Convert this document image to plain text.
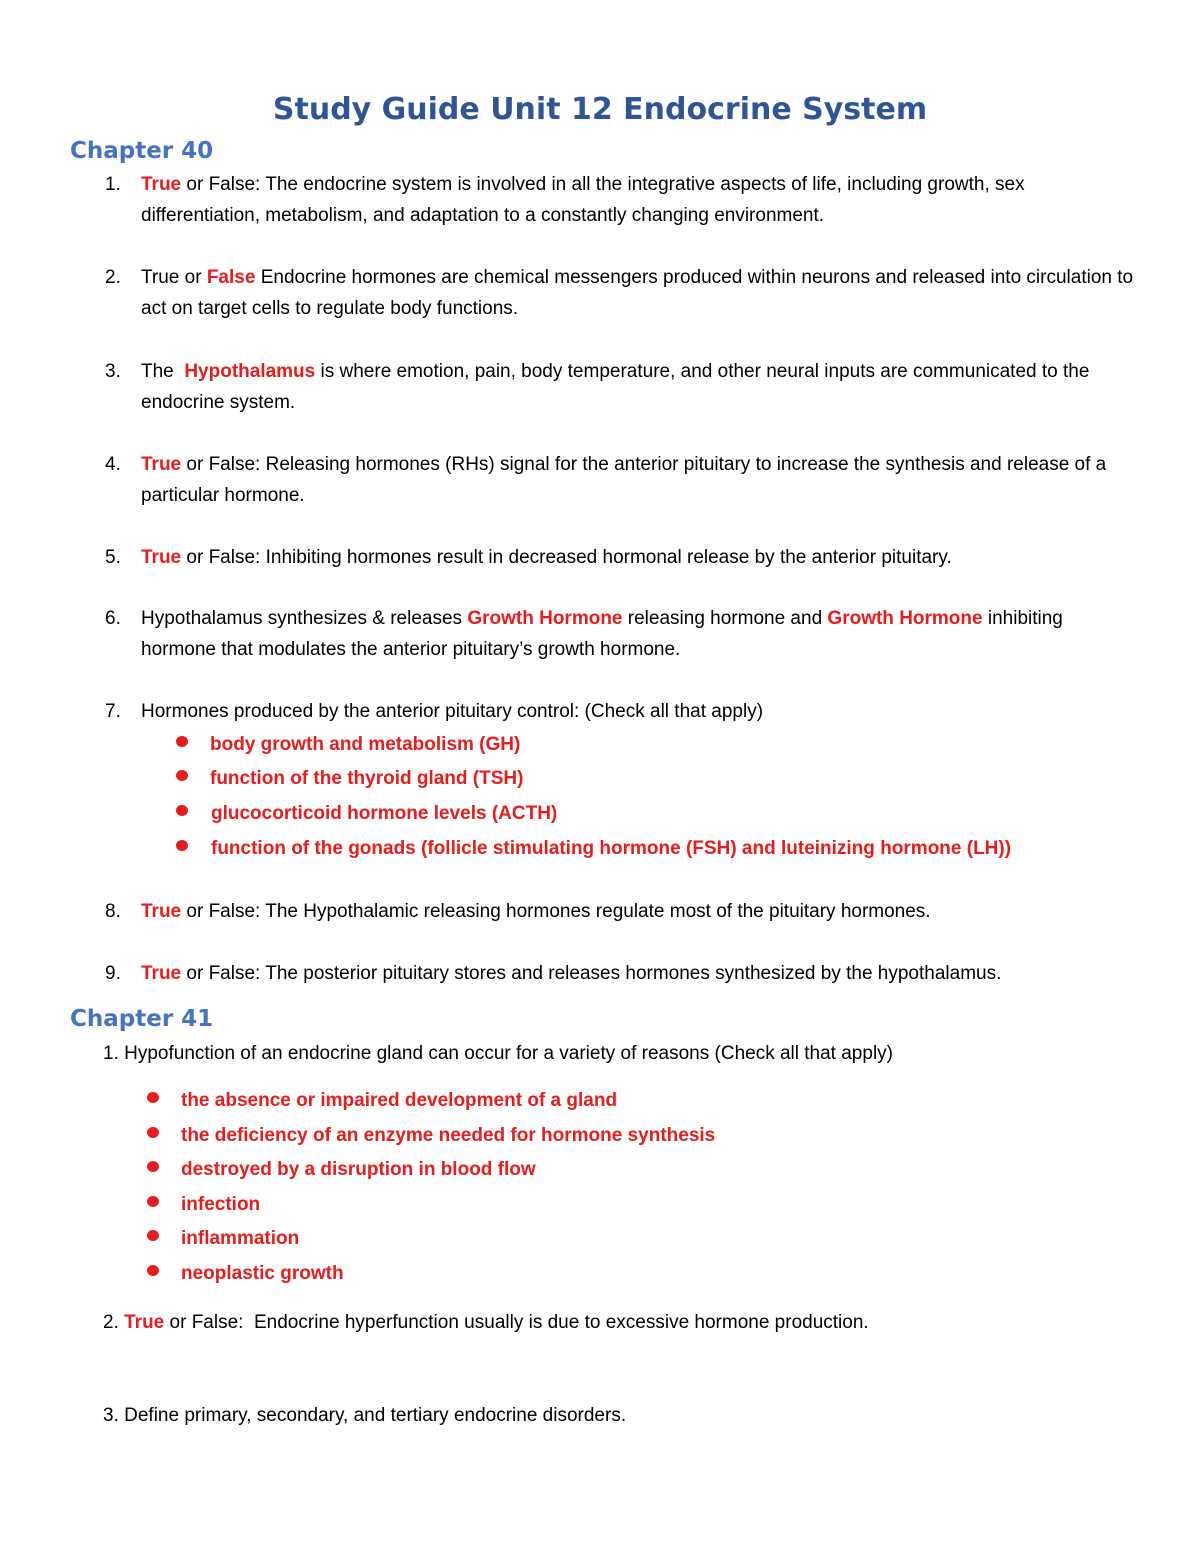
Study Guide Unit 12 Endocrine System
Chapter 40
1. True or False: The endocrine system is involved in all the integrative aspects of life, including growth, sex differentiation, metabolism, and adaptation to a constantly changing environment.
2. True or False Endocrine hormones are chemical messengers produced within neurons and released into circulation to act on target cells to regulate body functions.
3. The  Hypothalamus is where emotion, pain, body temperature, and other neural inputs are communicated to the endocrine system.
4. True or False: Releasing hormones (RHs) signal for the anterior pituitary to increase the synthesis and release of a particular hormone.
5. True or False: Inhibiting hormones result in decreased hormonal release by the anterior pituitary.
6. Hypothalamus synthesizes & releases Growth Hormone releasing hormone and Growth Hormone inhibiting hormone that modulates the anterior pituitary’s growth hormone.
7. Hormones produced by the anterior pituitary control: (Check all that apply)
body growth and metabolism (GH)
function of the thyroid gland (TSH)
glucocorticoid hormone levels (ACTH)
function of the gonads (follicle stimulating hormone (FSH) and luteinizing hormone (LH))
8. True or False: The Hypothalamic releasing hormones regulate most of the pituitary hormones.
9. True or False: The posterior pituitary stores and releases hormones synthesized by the hypothalamus.
Chapter 41
1. Hypofunction of an endocrine gland can occur for a variety of reasons (Check all that apply)
the absence or impaired development of a gland
the deficiency of an enzyme needed for hormone synthesis
destroyed by a disruption in blood flow
infection
inflammation
neoplastic growth
2. True or False:  Endocrine hyperfunction usually is due to excessive hormone production.
3. Define primary, secondary, and tertiary endocrine disorders.
